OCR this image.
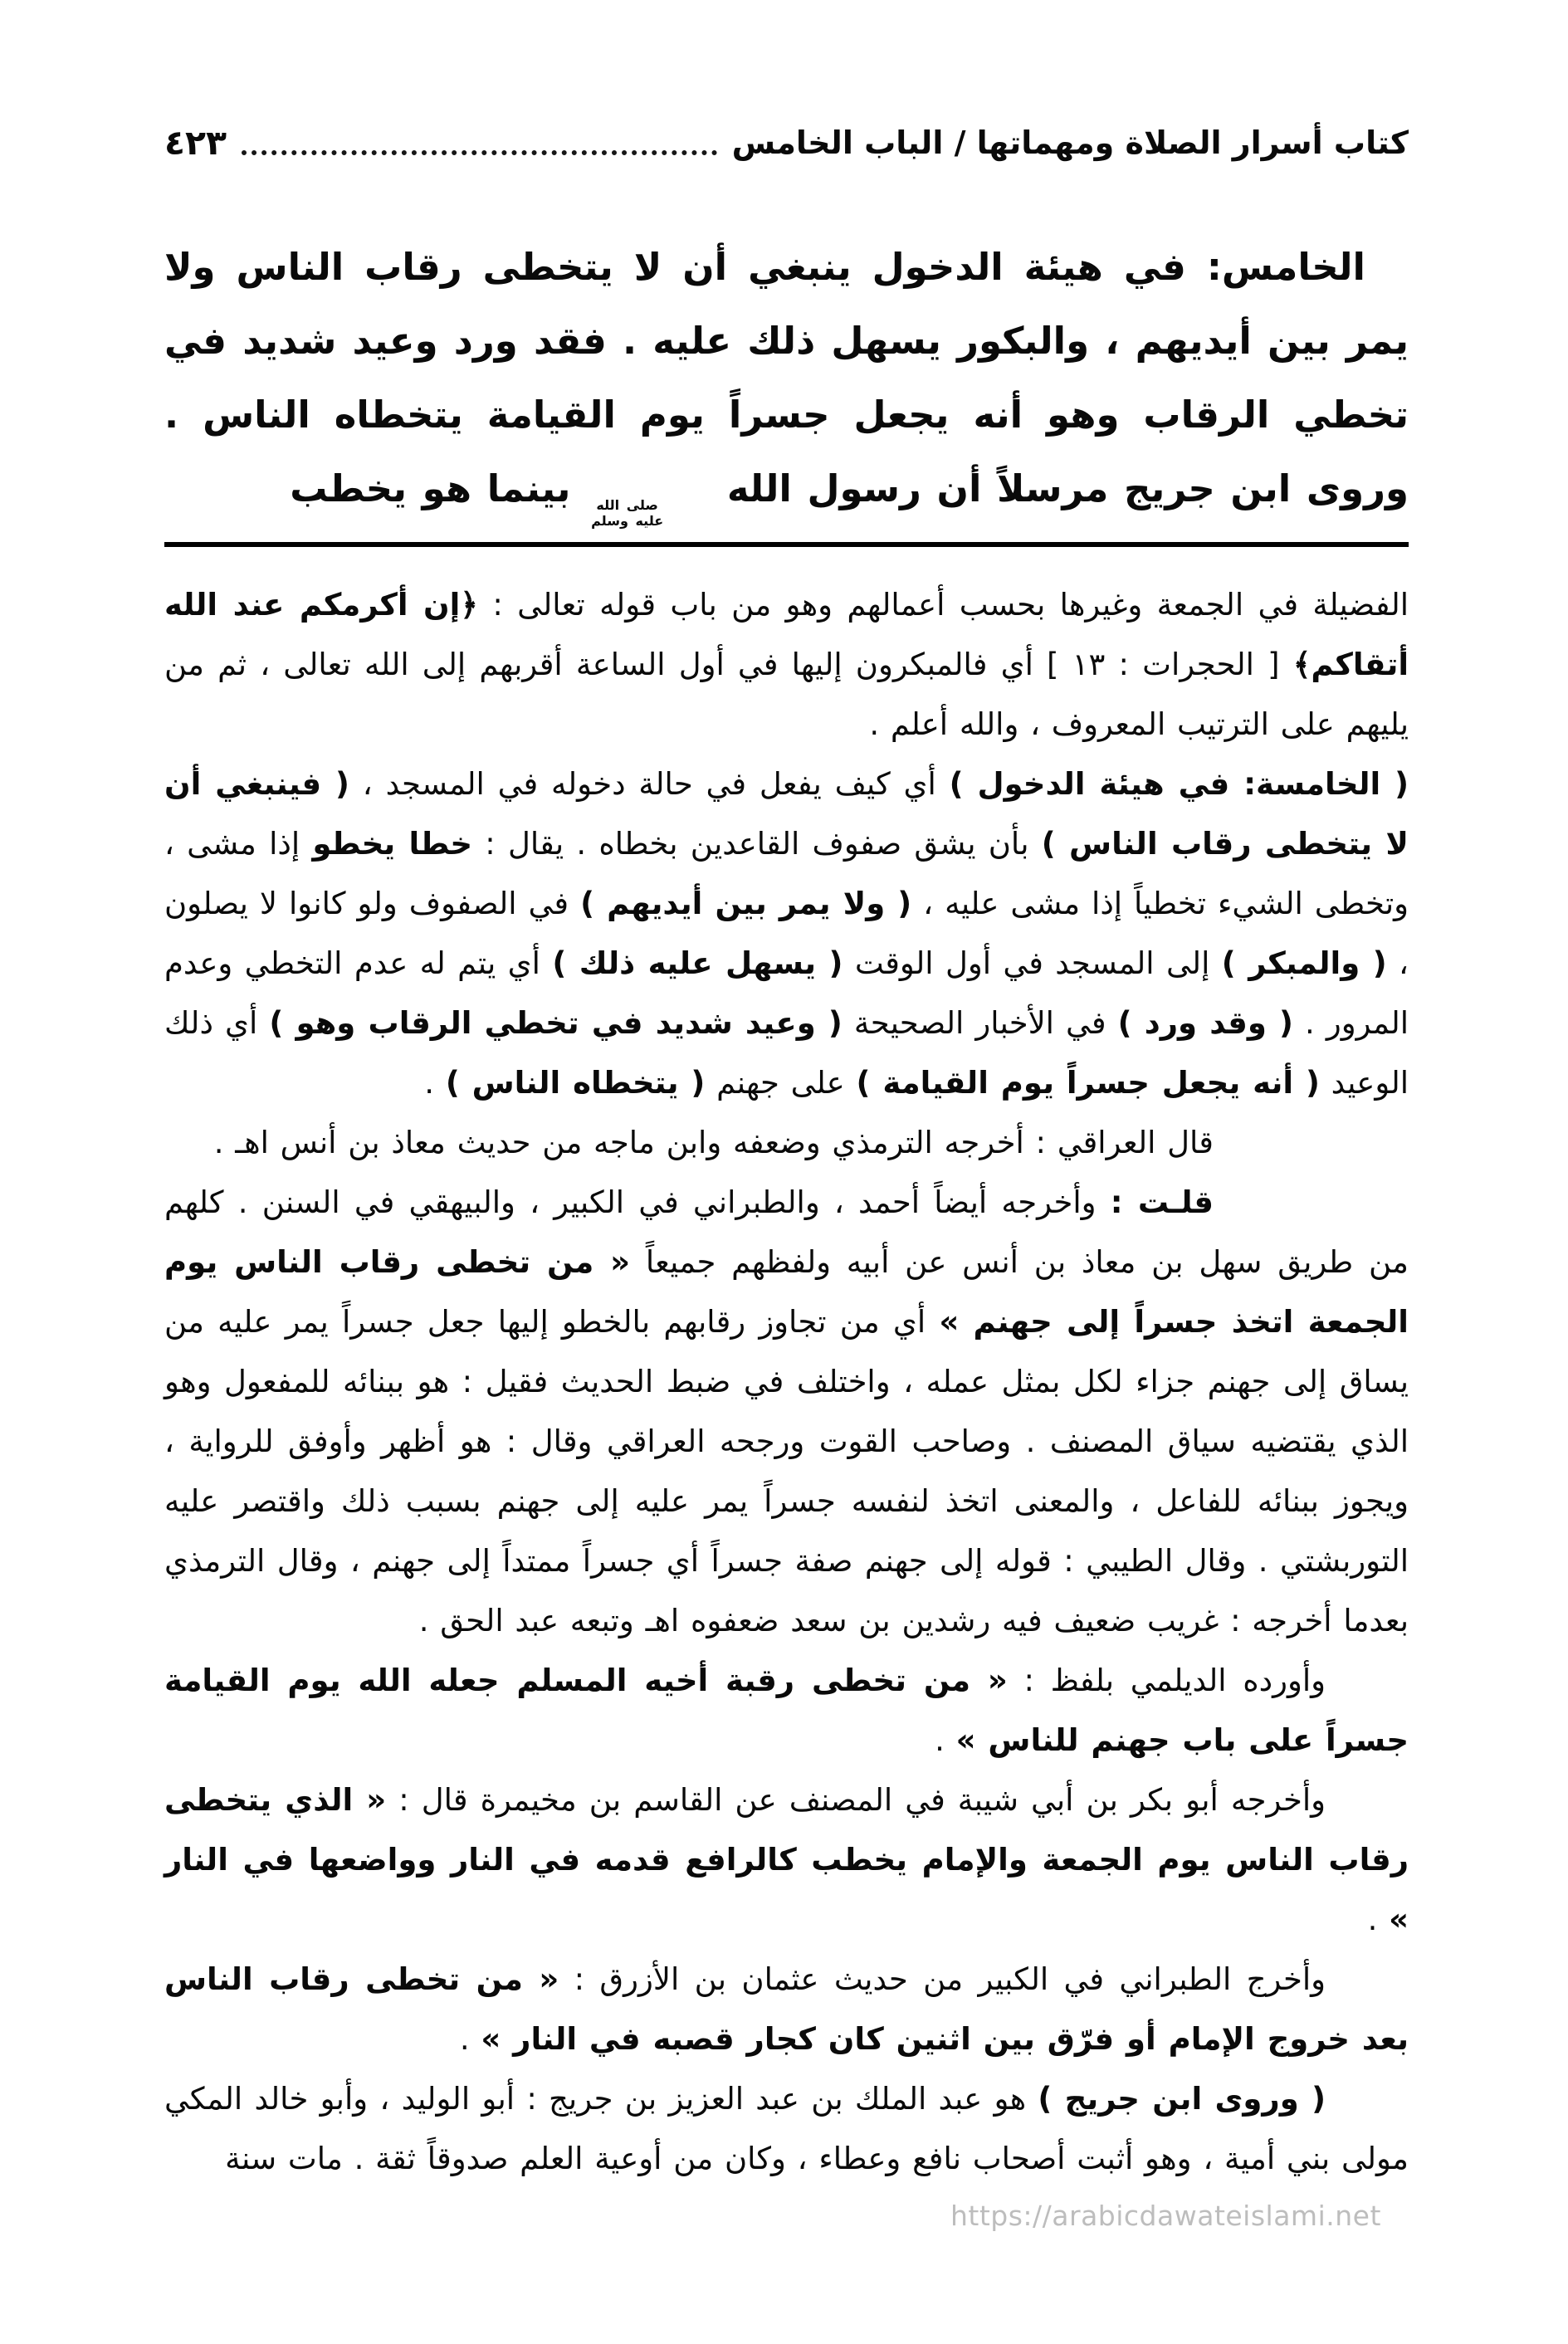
كتاب أسرار الصلاة ومهماتها / الباب الخامس
٤٢٣

الخامس: في هيئة الدخول ينبغي أن لا يتخطى رقاب الناس ولا يمر بين أيديهم ، والبكور يسهل ذلك عليه . فقد ورد وعيد شديد في تخطي الرقاب وهو أنه يجعل جسراً يوم القيامة يتخطاه الناس . وروى ابن جريج مرسلاً أن رسول الله
صلى الله
عليه وسلم
بينما هو يخطب

الفضيلة في الجمعة وغيرها بحسب أعمالهم وهو من باب قوله تعالى : ﴿إن أكرمكم عند الله أتقاكم﴾ [ الحجرات : ١٣ ] أي فالمبكرون إليها في أول الساعة أقربهم إلى الله تعالى ، ثم من يليهم على الترتيب المعروف ، والله أعلم .

( الخامسة: في هيئة الدخول ) أي كيف يفعل في حالة دخوله في المسجد ، ( فينبغي أن لا يتخطى رقاب الناس ) بأن يشق صفوف القاعدين بخطاه . يقال : خطا يخطو إذا مشى ، وتخطى الشيء تخطياً إذا مشى عليه ، ( ولا يمر بين أيديهم ) في الصفوف ولو كانوا لا يصلون ، ( والمبكر ) إلى المسجد في أول الوقت ( يسهل عليه ذلك ) أي يتم له عدم التخطي وعدم المرور . ( وقد ورد ) في الأخبار الصحيحة ( وعيد شديد في تخطي الرقاب وهو ) أي ذلك الوعيد ( أنه يجعل جسراً يوم القيامة ) على جهنم ( يتخطاه الناس ) .

قال العراقي : أخرجه الترمذي وضعفه وابن ماجه من حديث معاذ بن أنس اهـ .

قلـت : وأخرجه أيضاً أحمد ، والطبراني في الكبير ، والبيهقي في السنن . كلهم من طريق سهل بن معاذ بن أنس عن أبيه ولفظهم جميعاً « من تخطى رقاب الناس يوم الجمعة اتخذ جسراً إلى جهنم » أي من تجاوز رقابهم بالخطو إليها جعل جسراً يمر عليه من يساق إلى جهنم جزاء لكل بمثل عمله ، واختلف في ضبط الحديث فقيل : هو ببنائه للمفعول وهو الذي يقتضيه سياق المصنف . وصاحب القوت ورجحه العراقي وقال : هو أظهر وأوفق للرواية ، ويجوز ببنائه للفاعل ، والمعنى اتخذ لنفسه جسراً يمر عليه إلى جهنم بسبب ذلك واقتصر عليه التوربشتي . وقال الطيبي : قوله إلى جهنم صفة جسراً أي جسراً ممتداً إلى جهنم ، وقال الترمذي بعدما أخرجه : غريب ضعيف فيه رشدين بن سعد ضعفوه اهـ وتبعه عبد الحق .

وأورده الديلمي بلفظ : « من تخطى رقبة أخيه المسلم جعله الله يوم القيامة جسراً على باب جهنم للناس » .

وأخرجه أبو بكر بن أبي شيبة في المصنف عن القاسم بن مخيمرة قال : « الذي يتخطى رقاب الناس يوم الجمعة والإمام يخطب كالرافع قدمه في النار وواضعها في النار » .

وأخرج الطبراني في الكبير من حديث عثمان بن الأزرق : « من تخطى رقاب الناس بعد خروج الإمام أو فرّق بين اثنين كان كجار قصبه في النار » .

( وروى ابن جريج ) هو عبد الملك بن عبد العزيز بن جريج : أبو الوليد ، وأبو خالد المكي مولى بني أمية ، وهو أثبت أصحاب نافع وعطاء ، وكان من أوعية العلم صدوقاً ثقة . مات سنة

https://arabicdawateislami.net
